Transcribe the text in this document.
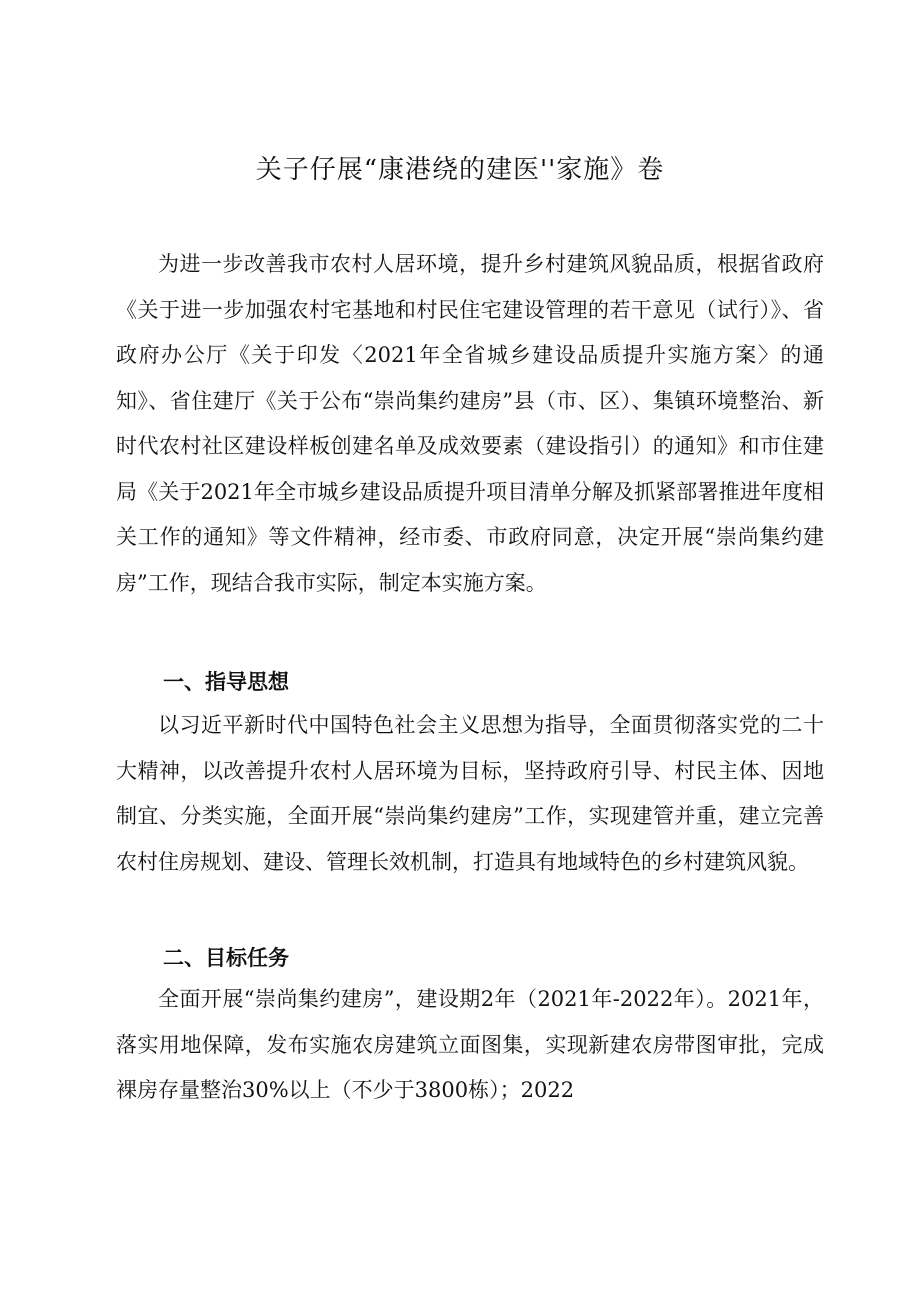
关子仔展“康港绕的建医''家施》卷

为进一步改善我市农村人居环境，提升乡村建筑风貌品质，根据省政府《关于进一步加强农村宅基地和村民住宅建设管理的若干意见（试行）》、省政府办公厅《关于印发〈2021年全省城乡建设品质提升实施方案〉的通知》、省住建厅《关于公布“崇尚集约建房”县（市、区）、集镇环境整治、新时代农村社区建设样板创建名单及成效要素（建设指引）的通知》和市住建局《关于2021年全市城乡建设品质提升项目清单分解及抓紧部署推进年度相关工作的通知》等文件精神，经市委、市政府同意，决定开展“崇尚集约建房”工作，现结合我市实际，制定本实施方案。

一、指导思想

以习近平新时代中国特色社会主义思想为指导，全面贯彻落实党的二十大精神，以改善提升农村人居环境为目标，坚持政府引导、村民主体、因地制宜、分类实施，全面开展“崇尚集约建房”工作，实现建管并重，建立完善农村住房规划、建设、管理长效机制，打造具有地域特色的乡村建筑风貌。

二、目标任务

全面开展“崇尚集约建房”，建设期2年（2021年-2022年）。2021年，落实用地保障，发布实施农房建筑立面图集，实现新建农房带图审批，完成裸房存量整治30%以上（不少于3800栋）；2022
